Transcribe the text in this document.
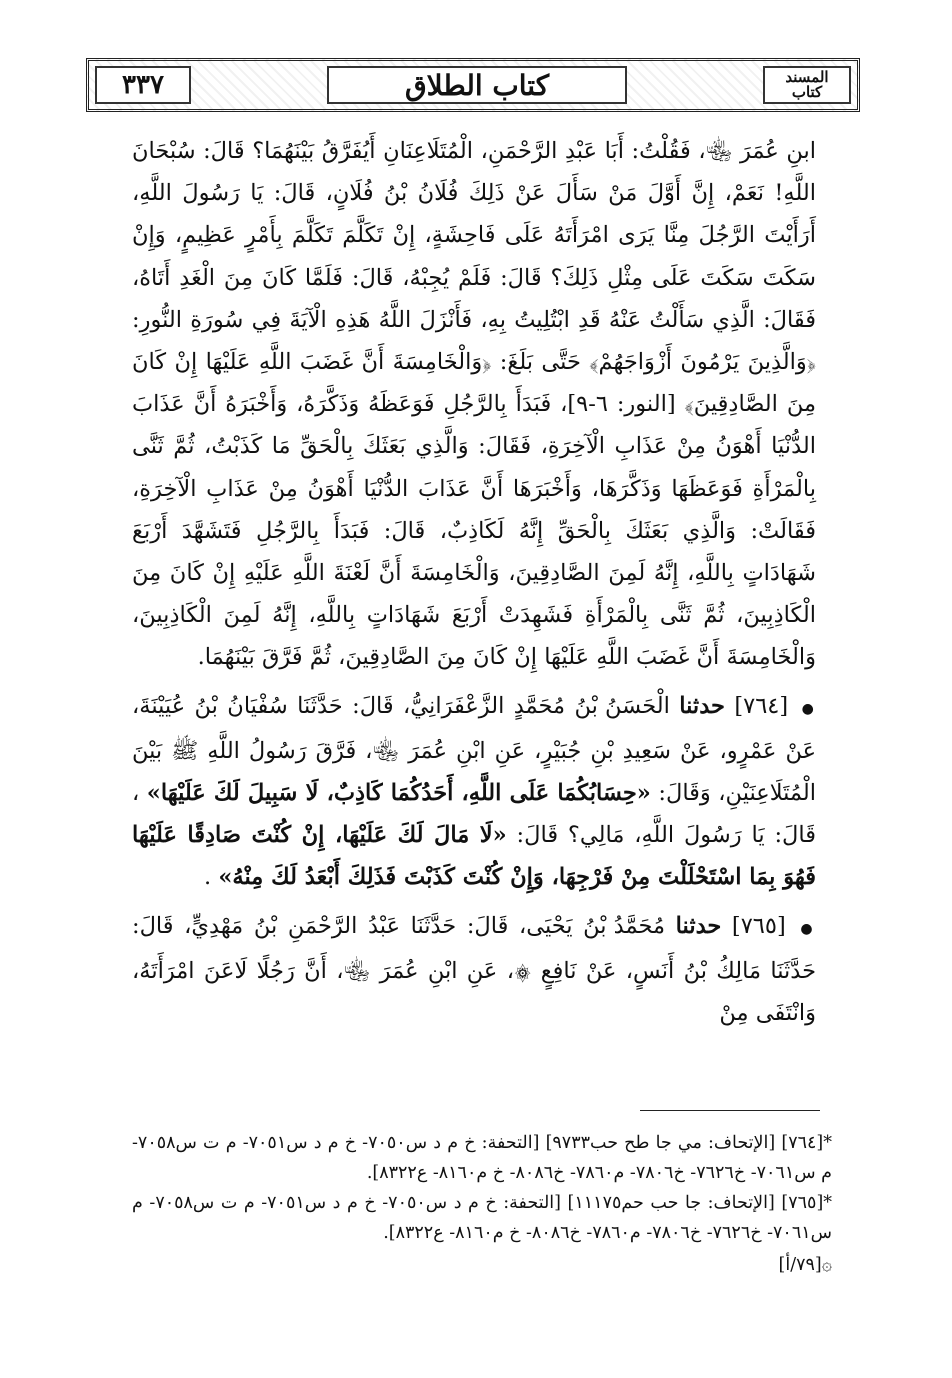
المسند
كتاب
كتاب الطلاق
٣٣٧

ابنِ عُمَرَ ﵄، فَقُلْتُ: أَبَا عَبْدِ الرَّحْمَنِ، الْمُتَلَاعِنَانِ أَيُفَرَّقُ بَيْنَهُمَا؟ قَالَ: سُبْحَانَ اللَّهِ! نَعَمْ، إِنَّ أَوَّلَ مَنْ سَأَلَ عَنْ ذَلِكَ فُلَانُ بْنُ فُلَانٍ، قَالَ: يَا رَسُولَ اللَّهِ، أَرَأَيْتَ الرَّجُلَ مِنَّا يَرَى امْرَأَتَهُ عَلَى فَاحِشَةٍ، إِنْ تَكَلَّمَ تَكَلَّمَ بِأَمْرٍ عَظِيمٍ، وَإِنْ سَكَتَ سَكَتَ عَلَى مِثْلِ ذَلِكَ؟ قَالَ: فَلَمْ يُجِبْهُ، قَالَ: فَلَمَّا كَانَ مِنَ الْغَدِ أَتَاهُ، فَقَالَ: الَّذِي سَأَلْتُ عَنْهُ قَدِ ابْتُلِيتُ بِهِ، فَأَنْزَلَ اللَّهُ هَذِهِ الْآيَةَ فِي سُورَةِ النُّورِ: ﴿وَالَّذِينَ يَرْمُونَ أَزْوَاجَهُمْ﴾ حَتَّى بَلَغَ: ﴿وَالْخَامِسَةَ أَنَّ غَضَبَ اللَّهِ عَلَيْهَا إِنْ كَانَ مِنَ الصَّادِقِينَ﴾ [النور: ٦-٩]، فَبَدَأَ بِالرَّجُلِ فَوَعَظَهُ وَذَكَّرَهُ، وَأَخْبَرَهُ أَنَّ عَذَابَ الدُّنْيَا أَهْوَنُ مِنْ عَذَابِ الْآخِرَةِ، فَقَالَ: وَالَّذِي بَعَثَكَ بِالْحَقِّ مَا كَذَبْتُ، ثُمَّ ثَنَّى بِالْمَرْأَةِ فَوَعَظَهَا وَذَكَّرَهَا، وَأَخْبَرَهَا أَنَّ عَذَابَ الدُّنْيَا أَهْوَنُ مِنْ عَذَابِ الْآخِرَةِ، فَقَالَتْ: وَالَّذِي بَعَثَكَ بِالْحَقِّ إِنَّهُ لَكَاذِبٌ، قَالَ: فَبَدَأَ بِالرَّجُلِ فَتَشَهَّدَ أَرْبَعَ شَهَادَاتٍ بِاللَّهِ، إِنَّهُ لَمِنَ الصَّادِقِينَ، وَالْخَامِسَةَ أَنَّ لَعْنَةَ اللَّهِ عَلَيْهِ إِنْ كَانَ مِنَ الْكَاذِبِينَ، ثُمَّ ثَنَّى بِالْمَرْأَةِ فَشَهِدَتْ أَرْبَعَ شَهَادَاتٍ بِاللَّهِ، إِنَّهُ لَمِنَ الْكَاذِبِينَ، وَالْخَامِسَةَ أَنَّ غَضَبَ اللَّهِ عَلَيْهَا إِنْ كَانَ مِنَ الصَّادِقِينَ، ثُمَّ فَرَّقَ بَيْنَهُمَا.

● [٧٦٤] حدثنا الْحَسَنُ بْنُ مُحَمَّدٍ الزَّعْفَرَانِيُّ، قَالَ: حَدَّثَنَا سُفْيَانُ بْنُ عُيَيْنَةَ، عَنْ عَمْرٍو، عَنْ سَعِيدِ بْنِ جُبَيْرٍ، عَنِ ابْنِ عُمَرَ ﵄، فَرَّقَ رَسُولُ اللَّهِ ﷺ بَيْنَ الْمُتَلَاعِنَيْنِ، وَقَالَ: «حِسَابُكُمَا عَلَى اللَّهِ، أَحَدُكُمَا كَاذِبٌ، لَا سَبِيلَ لَكَ عَلَيْهَا» ، قَالَ: يَا رَسُولَ اللَّهِ، مَالِي؟ قَالَ: «لَا مَالَ لَكَ عَلَيْهَا، إِنْ كُنْتَ صَادِقًا عَلَيْهَا فَهُوَ بِمَا اسْتَحْلَلْتَ مِنْ فَرْجِهَا، وَإِنْ كُنْتَ كَذَبْتَ فَذَلِكَ أَبْعَدُ لَكَ مِنْهُ» .

● [٧٦٥] حدثنا مُحَمَّدُ بْنُ يَحْيَى، قَالَ: حَدَّثَنَا عَبْدُ الرَّحْمَنِ بْنُ مَهْدِيٍّ، قَالَ: حَدَّثَنَا مَالِكُ بْنُ أَنَسٍ، عَنْ نَافِعٍ ۞، عَنِ ابْنِ عُمَرَ ﵄، أَنَّ رَجُلًا لَاعَنَ امْرَأَتَهُ، وَانْتَفَى مِنْ

*[٧٦٤] [الإتحاف: مي جا طح حب٩٧٣٣] [التحفة: خ م د س٧٠٥٠- خ م د س٧٠٥١- م ت س٧٠٥٨- م س٧٠٦١- خ٧٦٢٦- خ٧٨٠٦- م٧٨٦٠- خ٨٠٨٦- خ م٨١٦٠- ع٨٣٢٢].

*[٧٦٥] [الإتحاف: جا حب حم١١١٧٥] [التحفة: خ م د س٧٠٥٠- خ م د س٧٠٥١- م ت س٧٠٥٨- م س٧٠٦١- خ٧٦٢٦- خ٧٨٠٦- م٧٨٦٠- خ٨٠٨٦- خ م٨١٦٠- ع٨٣٢٢].

۞[٧٩/أ]
